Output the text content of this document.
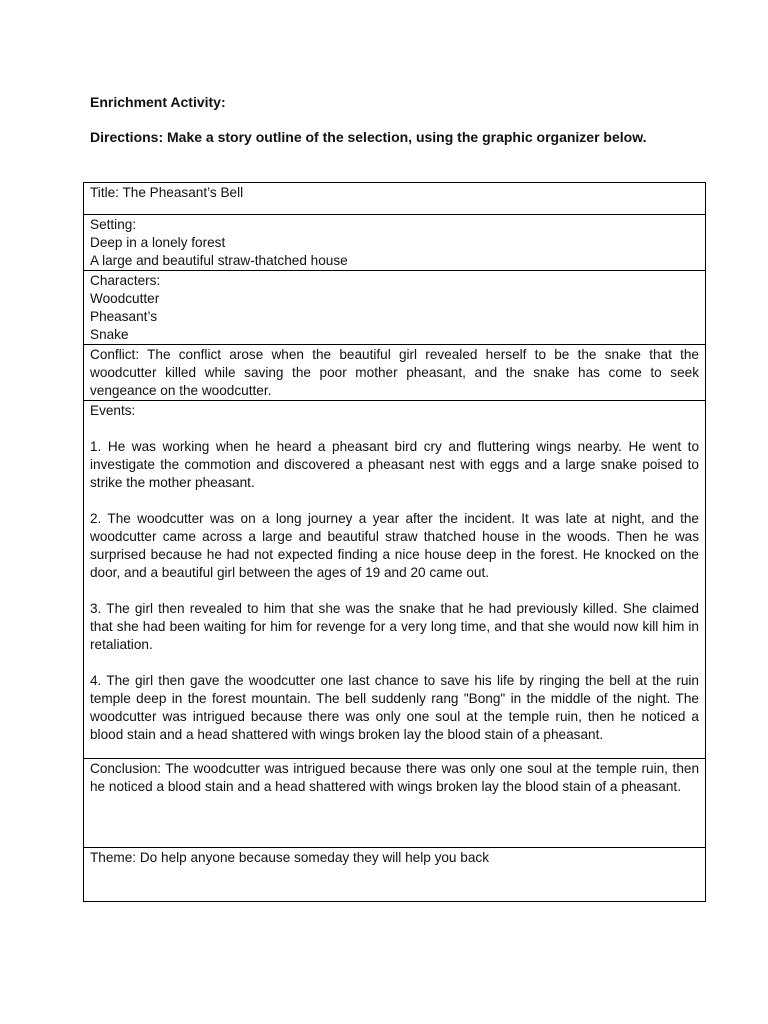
Enrichment Activity:

Directions: Make a story outline of the selection, using the graphic organizer below.

Title: The Pheasant’s Bell

Setting:
Deep in a lonely forest
A large and beautiful straw-thatched house

Characters:
Woodcutter
Pheasant’s
Snake

Conflict: The conflict arose when the beautiful girl revealed herself to be the snake that the woodcutter killed while saving the poor mother pheasant, and the snake has come to seek vengeance on the woodcutter.

Events:
1. He was working when he heard a pheasant bird cry and fluttering wings nearby. He went to investigate the commotion and discovered a pheasant nest with eggs and a large snake poised to strike the mother pheasant.
2. The woodcutter was on a long journey a year after the incident. It was late at night, and the woodcutter came across a large and beautiful straw thatched house in the woods. Then he was surprised because he had not expected finding a nice house deep in the forest. He knocked on the door, and a beautiful girl between the ages of 19 and 20 came out.
3. The girl then revealed to him that she was the snake that he had previously killed. She claimed that she had been waiting for him for revenge for a very long time, and that she would now kill him in retaliation.
4. The girl then gave the woodcutter one last chance to save his life by ringing the bell at the ruin temple deep in the forest mountain. The bell suddenly rang "Bong" in the middle of the night. The woodcutter was intrigued because there was only one soul at the temple ruin, then he noticed a blood stain and a head shattered with wings broken lay the blood stain of a pheasant.

Conclusion: The woodcutter was intrigued because there was only one soul at the temple ruin, then he noticed a blood stain and a head shattered with wings broken lay the blood stain of a pheasant.
Theme: Do help anyone because someday they will help you back
